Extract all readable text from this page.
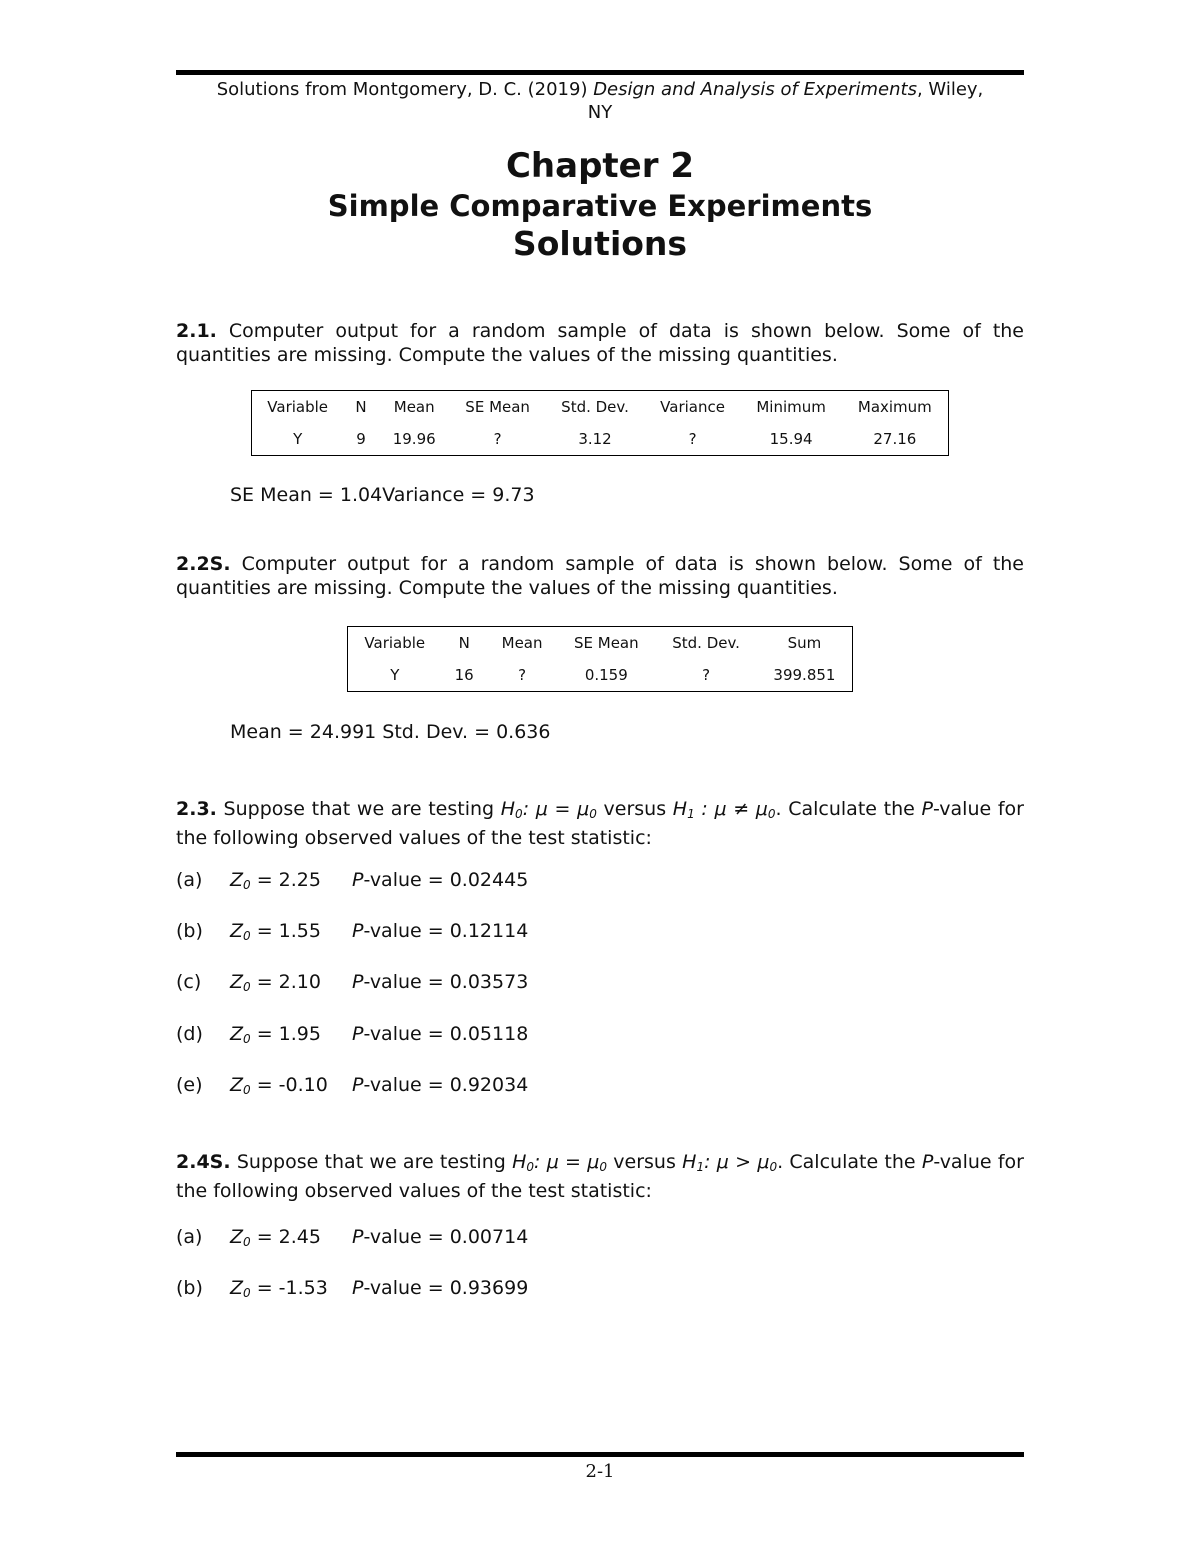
Solutions from Montgomery, D. C. (2019) Design and Analysis of Experiments, Wiley,
NY
Chapter 2
Simple Comparative Experiments
Solutions
2.1. Computer output for a random sample of data is shown below. Some of the quantities are missing. Compute the values of the missing quantities.
Variable	N	Mean	SE Mean	Std. Dev.	Variance	Minimum	Maximum
Y	9	19.96	?	3.12	?	15.94	27.16
SE Mean = 1.04Variance = 9.73
2.2S. Computer output for a random sample of data is shown below. Some of the quantities are missing. Compute the values of the missing quantities.
Variable	N	Mean	SE Mean	Std. Dev.	Sum
Y	16	?	0.159	?	399.851
Mean = 24.991 Std. Dev. = 0.636
2.3. Suppose that we are testing $H_0$: $\mu = \mu_0$ versus $H_1$ : $\mu \ne \mu_0$. Calculate the P-value for the following observed values of the test statistic:
(a) $Z_0 = 2.25$ P-value = 0.02445
(b) $Z_0 = 1.55$ P-value = 0.12114
(c) $Z_0 = 2.10$ P-value = 0.03573
(d) $Z_0 = 1.95$ P-value = 0.05118
(e) $Z_0 = -0.10$ P-value = 0.92034
2.4S. Suppose that we are testing $H_0$: $\mu = \mu_0$ versus $H_1$: $\mu > \mu_0$. Calculate the P-value for the following observed values of the test statistic:
(a) $Z_0 = 2.45$ P-value = 0.00714
(b) $Z_0 = -1.53$ P-value = 0.93699
2-1
